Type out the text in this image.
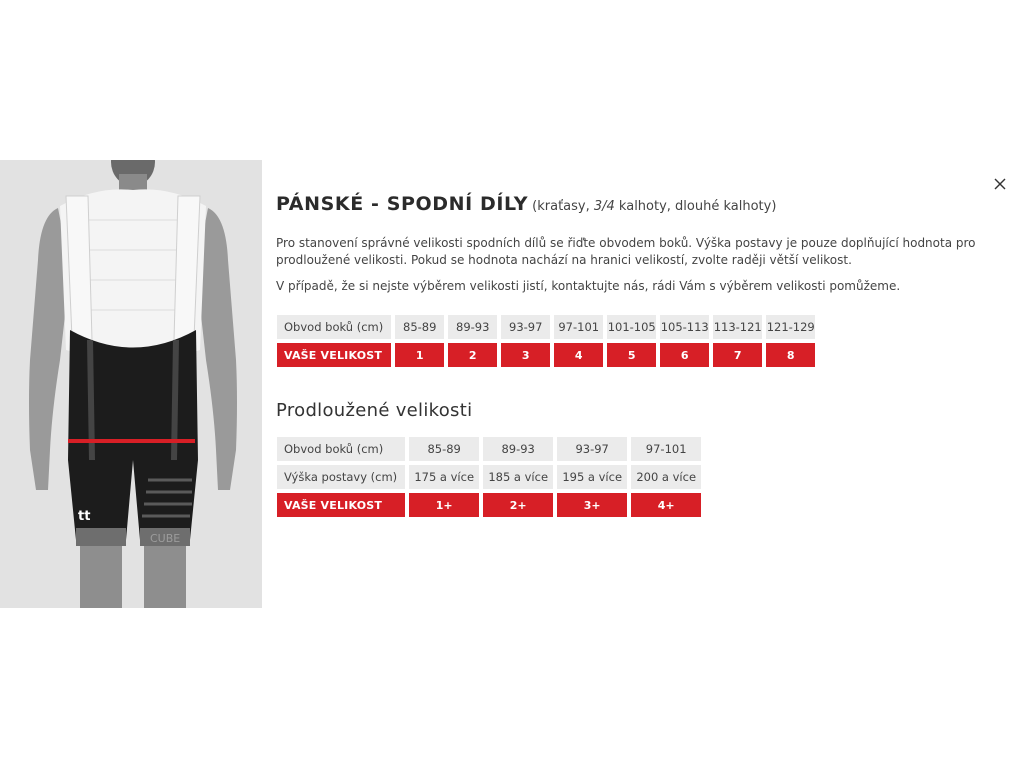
tt
CUBE
PÁNSKÉ - SPODNÍ DÍLY (kraťasy, 3/4 kalhoty, dlouhé kalhoty)

Pro stanovení správné velikosti spodních dílů se řiďte obvodem boků. Výška postavy je pouze doplňující hodnota pro prodloužené velikosti. Pokud se hodnota nachází na hranici velikostí, zvolte raději větší velikost.

V případě, že si nejste výběrem velikosti jistí, kontaktujte nás, rádi Vám s výběrem velikosti pomůžeme.

Obvod boků (cm)	85-89	89-93	93-97	97-101	101-105	105-113	113-121	121-129
VAŠE VELIKOST	1	2	3	4	5	6	7	8
Prodloužené velikosti
Obvod boků (cm)	85-89	89-93	93-97	97-101
Výška postavy (cm)	175 a více	185 a více	195 a více	200 a více
VAŠE VELIKOST	1+	2+	3+	4+
